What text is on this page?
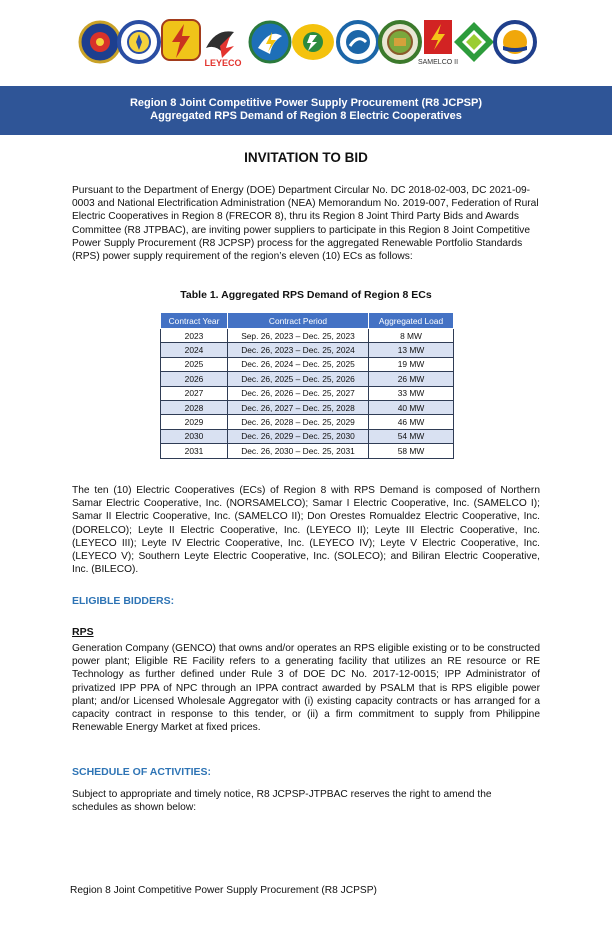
LEYECO	SAMELCO II
Region 8 Joint Competitive Power Supply Procurement (R8 JCPSP)
Aggregated RPS Demand of Region 8 Electric Cooperatives
INVITATION TO BID
Pursuant to the Department of Energy (DOE) Department Circular No. DC 2018-02-003, DC 2021-09-0003 and National Electrification Administration (NEA) Memorandum No. 2019-007, Federation of Rural Electric Cooperatives in Region 8 (FRECOR 8), thru its Region 8 Joint Third Party Bids and Awards Committee (R8 JTPBAC), are inviting power suppliers to participate in this Region 8 Joint Competitive Power Supply Procurement (R8 JCPSP) process for the aggregated Renewable Portfolio Standards (RPS) power supply requirement of the region’s eleven (10) ECs as follows:
Table 1. Aggregated RPS Demand of Region 8 ECs
Contract Year	Contract Period	Aggregated Load
2023	Sep. 26, 2023 – Dec. 25, 2023	8 MW
2024	Dec. 26, 2023 – Dec. 25, 2024	13 MW
2025	Dec. 26, 2024 – Dec. 25, 2025	19 MW
2026	Dec. 26, 2025 – Dec. 25, 2026	26 MW
2027	Dec. 26, 2026 – Dec. 25, 2027	33 MW
2028	Dec. 26, 2027 – Dec. 25, 2028	40 MW
2029	Dec. 26, 2028 – Dec. 25, 2029	46 MW
2030	Dec. 26, 2029 – Dec. 25, 2030	54 MW
2031	Dec. 26, 2030 – Dec. 25, 2031	58 MW
The ten (10) Electric Cooperatives (ECs) of Region 8 with RPS Demand is composed of Northern Samar Electric Cooperative, Inc. (NORSAMELCO); Samar I Electric Cooperative, Inc. (SAMELCO I); Samar II Electric Cooperative, Inc. (SAMELCO II); Don Orestes Romualdez Electric Cooperative, Inc. (DORELCO); Leyte II Electric Cooperative, Inc. (LEYECO II); Leyte III Electric Cooperative, Inc. (LEYECO III); Leyte IV Electric Cooperative, Inc. (LEYECO IV); Leyte V Electric Cooperative, Inc. (LEYECO V); Southern Leyte Electric Cooperative, Inc. (SOLECO); and Biliran Electric Cooperative, Inc. (BILECO).
ELIGIBLE BIDDERS:
RPS
Generation Company (GENCO) that owns and/or operates an RPS eligible existing or to be constructed power plant; Eligible RE Facility refers to a generating facility that utilizes an RE resource or RE Technology as further defined under Rule 3 of DOE DC No. 2017-12-0015; IPP Administrator of privatized IPP PPA of NPC through an IPPA contract awarded by PSALM that is RPS eligible power plant; and/or Licensed Wholesale Aggregator with (i) existing capacity contracts or has arranged for a capacity contract in response to this tender, or (ii) a firm commitment to supply from Philippine Renewable Energy Market at fixed prices.
SCHEDULE OF ACTIVITIES:
Subject to appropriate and timely notice, R8 JCPSP-JTPBAC reserves the right to amend the schedules as shown below:
Region 8 Joint Competitive Power Supply Procurement (R8 JCPSP)
